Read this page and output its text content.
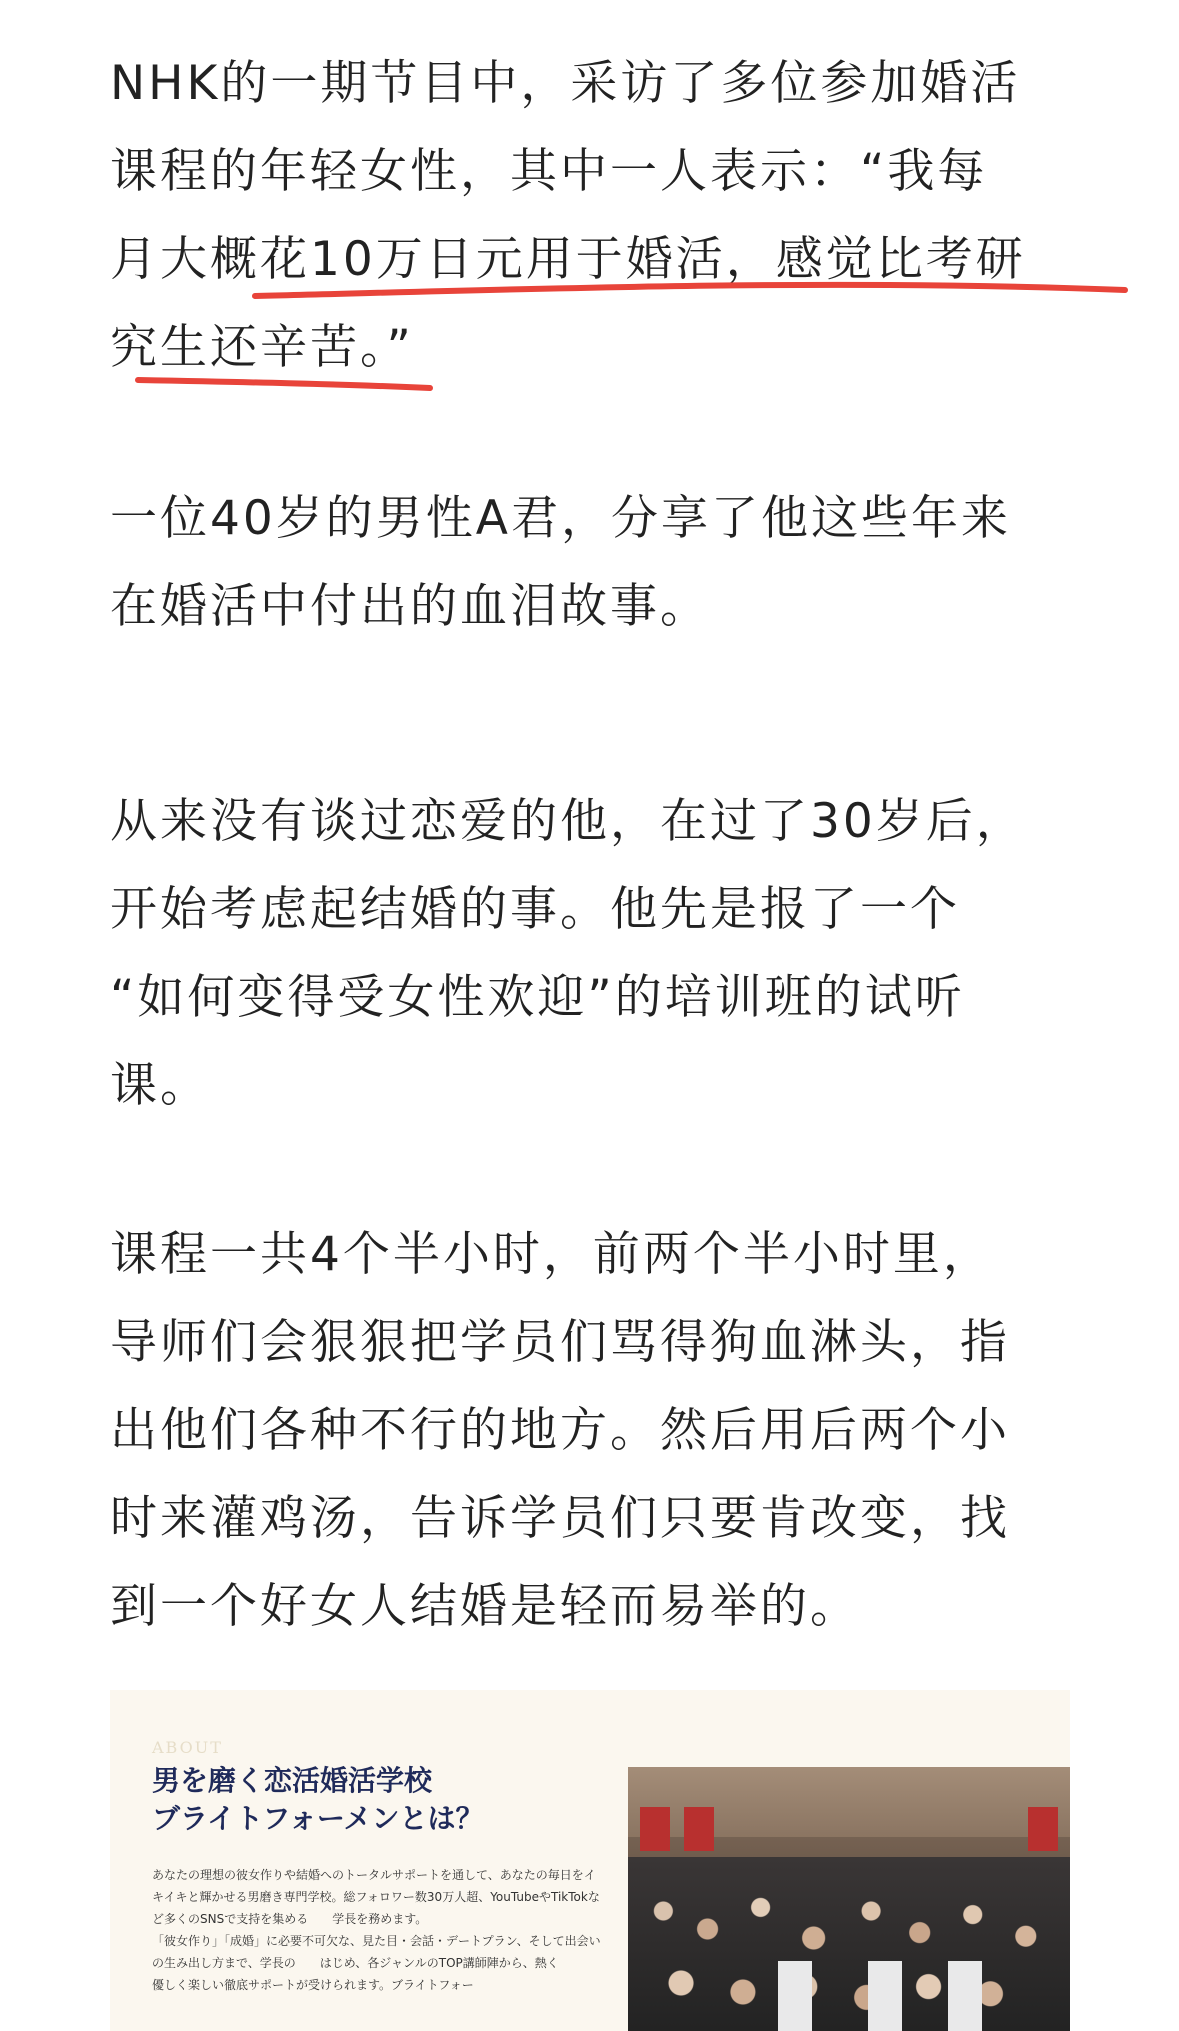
NHK的一期节目中，采访了多位参加婚活
课程的年轻女性，其中一人表示：“我每
月大概花10万日元用于婚活，感觉比考研
究生还辛苦。”

一位40岁的男性A君，分享了他这些年来
在婚活中付出的血泪故事。

从来没有谈过恋爱的他，在过了30岁后，
开始考虑起结婚的事。他先是报了一个
“如何变得受女性欢迎”的培训班的试听
课。

课程一共4个半小时，前两个半小时里，
导师们会狠狠把学员们骂得狗血淋头，指
出他们各种不行的地方。然后用后两个小
时来灌鸡汤，告诉学员们只要肯改变，找
到一个好女人结婚是轻而易举的。

ABOUT
男を磨く恋活婚活学校
ブライトフォーメンとは？
あなたの理想の彼女作りや結婚へのトータルサポートを通して、あなたの毎日をイ
キイキと輝かせる男磨き専門学校。総フォロワー数30万人超、YouTubeやTikTokな
ど多くのSNSで支持を集める　　学長を務めます。
「彼女作り」「成婚」に必要不可欠な、見た目・会話・デートプラン、そして出会い
の生み出し方まで、学長の　　はじめ、各ジャンルのTOP講師陣から、熱く
優しく楽しい徹底サポートが受けられます。ブライトフォー
